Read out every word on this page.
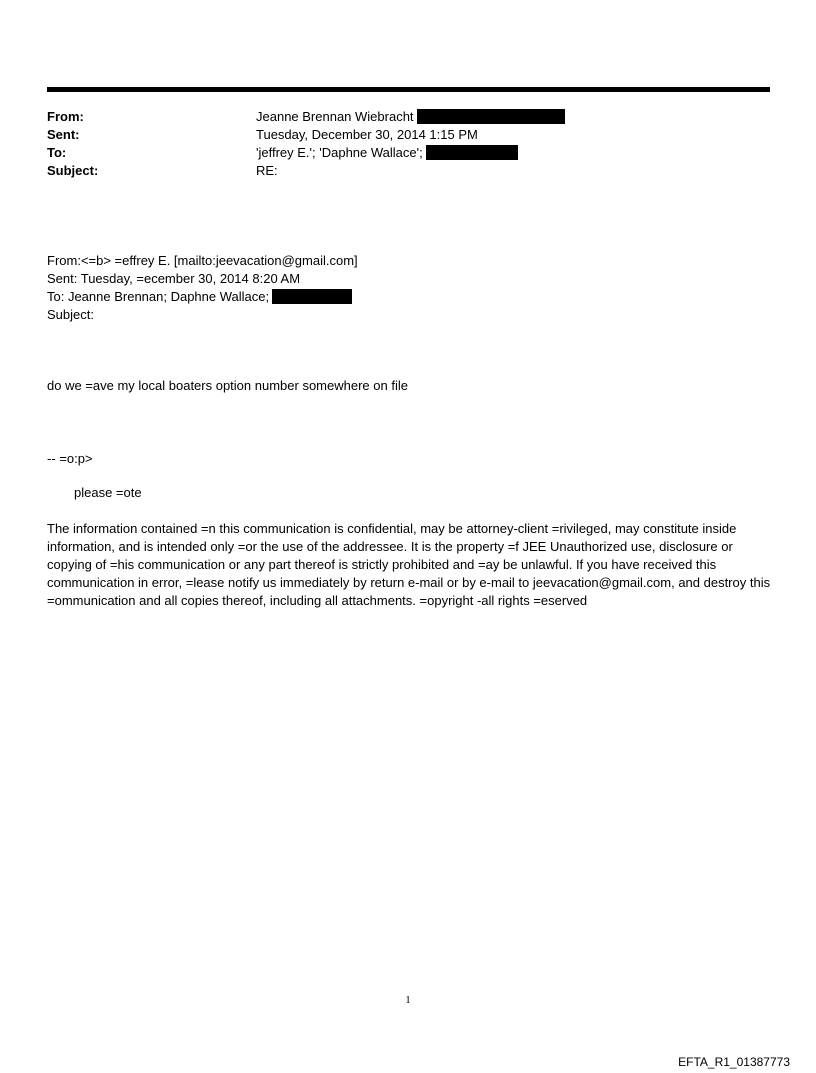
From:	Jeanne Brennan Wiebracht
Sent:	Tuesday, December 30, 2014 1:15 PM
To:	'jeffrey E.'; 'Daphne Wallace';
Subject:	RE:
From:<=b> =effrey E. [mailto:jeevacation@gmail.com]
Sent: Tuesday, =ecember 30, 2014 8:20 AM
To: Jeanne Brennan; Daphne Wallace;
Subject:
do we =ave my local boaters option number somewhere on file
-- =o:p>
please =ote
The information contained =n this communication is confidential, may be attorney-client =rivileged, may constitute inside information, and is intended only =or the use of the addressee. It is the property =f JEE Unauthorized use, disclosure or copying of =his communication or any part thereof is strictly prohibited and =ay be unlawful. If you have received this communication in error, =lease notify us immediately by return e-mail or by e-mail to jeevacation@gmail.com, and destroy this =ommunication and all copies thereof, including all attachments. =opyright -all rights =eserved
1
EFTA_R1_01387773
